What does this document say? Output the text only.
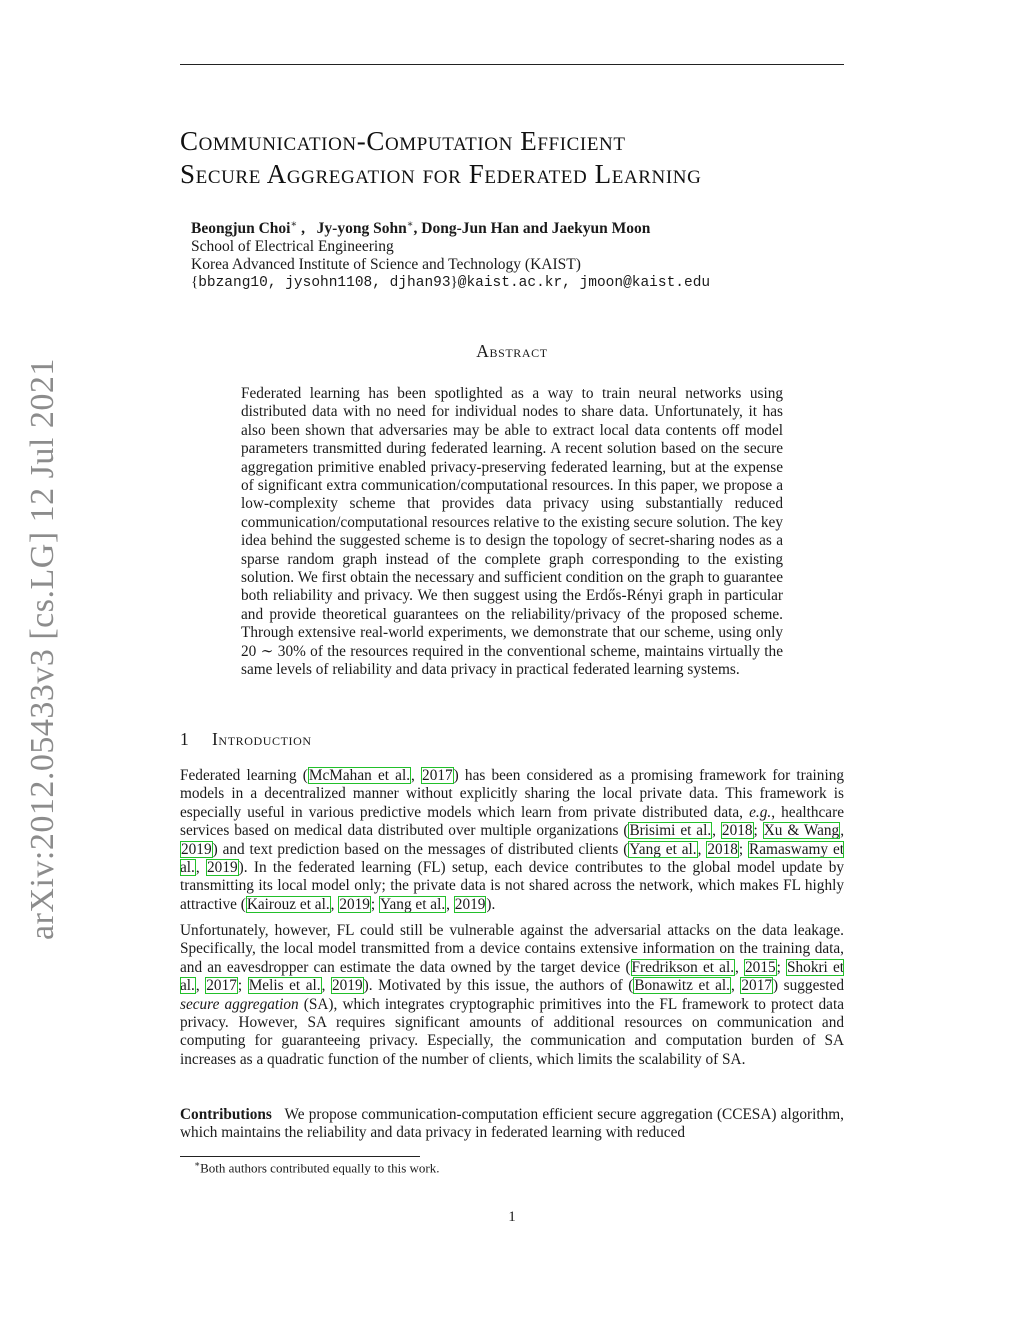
arXiv:2012.05433v3 [cs.LG] 12 Jul 2021
Communication-Computation Efficient
Secure Aggregation for Federated Learning
Beongjun Choi∗ ,   Jy-yong Sohn∗, Dong-Jun Han and Jaekyun Moon
School of Electrical Engineering
Korea Advanced Institute of Science and Technology (KAIST)
{bbzang10, jysohn1108, djhan93}@kaist.ac.kr, jmoon@kaist.edu
Abstract
Federated learning has been spotlighted as a way to train neural networks using distributed data with no need for individual nodes to share data. Unfortunately, it has also been shown that adversaries may be able to extract local data contents off model parameters transmitted during federated learning. A recent solution based on the secure aggregation primitive enabled privacy-preserving federated learning, but at the expense of significant extra communication/computational resources. In this paper, we propose a low-complexity scheme that provides data privacy using substantially reduced communication/computational resources relative to the existing secure solution. The key idea behind the suggested scheme is to design the topology of secret-sharing nodes as a sparse random graph instead of the complete graph corresponding to the existing solution. We first obtain the necessary and sufficient condition on the graph to guarantee both reliability and privacy. We then suggest using the Erdős-Rényi graph in particular and provide theoretical guarantees on the reliability/privacy of the proposed scheme. Through extensive real-world experiments, we demonstrate that our scheme, using only 20 ∼ 30% of the resources required in the conventional scheme, maintains virtually the same levels of reliability and data privacy in practical federated learning systems.
1 Introduction
Federated learning (McMahan et al., 2017) has been considered as a promising framework for training models in a decentralized manner without explicitly sharing the local private data. This framework is especially useful in various predictive models which learn from private distributed data, e.g., healthcare services based on medical data distributed over multiple organizations (Brisimi et al., 2018; Xu & Wang, 2019) and text prediction based on the messages of distributed clients (Yang et al., 2018; Ramaswamy et al., 2019). In the federated learning (FL) setup, each device contributes to the global model update by transmitting its local model only; the private data is not shared across the network, which makes FL highly attractive (Kairouz et al., 2019; Yang et al., 2019).
Unfortunately, however, FL could still be vulnerable against the adversarial attacks on the data leakage. Specifically, the local model transmitted from a device contains extensive information on the training data, and an eavesdropper can estimate the data owned by the target device (Fredrikson et al., 2015; Shokri et al., 2017; Melis et al., 2019). Motivated by this issue, the authors of (Bonawitz et al., 2017) suggested secure aggregation (SA), which integrates cryptographic primitives into the FL framework to protect data privacy. However, SA requires significant amounts of additional resources on communication and computing for guaranteeing privacy. Especially, the communication and computation burden of SA increases as a quadratic function of the number of clients, which limits the scalability of SA.
Contributions We propose communication-computation efficient secure aggregation (CCESA) algorithm, which maintains the reliability and data privacy in federated learning with reduced
∗Both authors contributed equally to this work.
1
